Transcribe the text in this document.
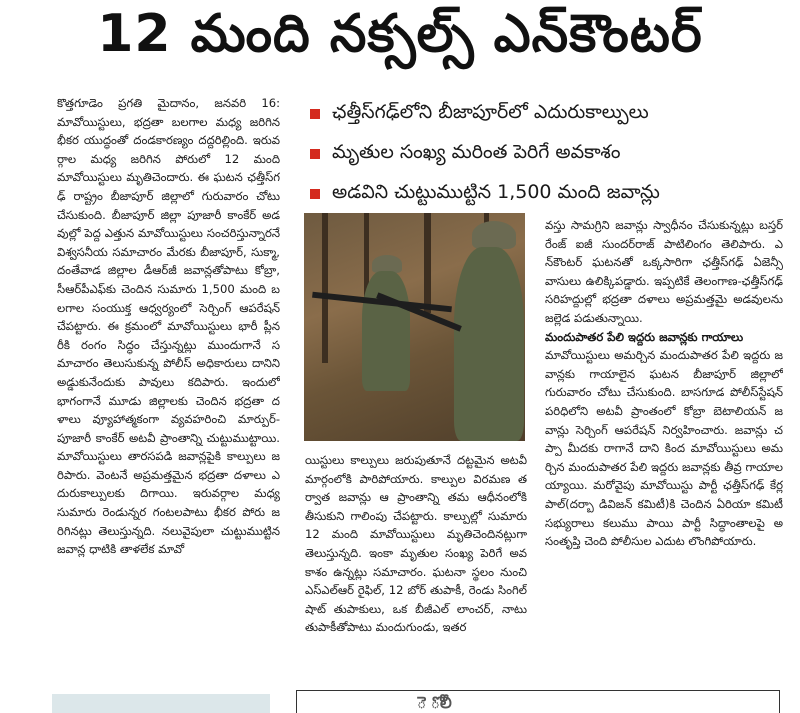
12 మంది నక్సల్స్ ఎన్‌కౌంటర్

కొత్తగూడెం ప్రగతి మైదానం, జనవరి 16: మావోయిస్టులు, భద్రతా బలగాల మధ్య జరిగిన భీకర యుద్ధంతో దండకారణ్యం దద్దరిల్లింది. ఇరువర్గాల మధ్య జరిగిన పోరులో 12 మంది మావోయిస్టులు మృతిచెందారు. ఈ ఘటన ఛత్తీస్‌గఢ్ రాష్ట్రం బీజాపూర్ జిల్లాలో గురువారం చోటు చేసుకుంది. బీజాపూర్ జిల్లా పూజారీ కాంకేర్ అడవుల్లో పెద్ద ఎత్తున మావోయిస్టులు సంచరిస్తున్నారనే విశ్వసనీయ సమాచారం మేరకు బీజాపూర్, సుక్మా, దంతేవాడ జిల్లాల డీఆర్‌జీ జవాన్లతోపాటు కోబ్రా, సీఆర్‌పీఎఫ్‌కు చెందిన సుమారు 1,500 మంది బలగాల సంయుక్త ఆధ్వర్యంలో సెర్చింగ్ ఆపరేషన్ చేపట్టారు. ఈ క్రమంలో మావోయిస్టులు భారీ ప్లీనరీకి రంగం సిద్ధం చేస్తున్నట్లు ముందుగానే సమాచారం తెలుసుకున్న పోలీస్ అధికారులు దానిని అడ్డుకునేందుకు పావులు కదిపారు. ఇందులో భాగంగానే మూడు జిల్లాలకు చెందిన భద్రతా దళాలు వ్యూహాత్మకంగా వ్యవహరించి మార్పుర్-పూజారీ కాంకేర్ అటవీ ప్రాంతాన్ని చుట్టుముట్టాయి. మావోయిస్టులు తారసపడి జవాన్లపైకి కాల్పులు జరిపారు. వెంటనే అప్రమత్తమైన భద్రతా దళాలు ఎదురుకాల్పులకు దిగాయి. ఇరువర్గాల మధ్య సుమారు రెండున్నర గంటలపాటు భీకర పోరు జరిగినట్లు తెలుస్తున్నది. నలువైపులా చుట్టుముట్టిన జవాన్ల ధాటికి తాళలేక మావో

ఛత్తీస్‌గఢ్‌లోని బీజాపూర్‌లో ఎదురుకాల్పులు
మృతుల సంఖ్య మరింత పెరిగే అవకాశం
అడవిని చుట్టుముట్టిన 1,500 మంది జవాన్లు

యిస్టులు కాల్పులు జరుపుతూనే దట్టమైన అటవీ మార్గంలోకి పారిపోయారు. కాల్పుల విరమణ తర్వాత జవాన్లు ఆ ప్రాంతాన్ని తమ ఆధీనంలోకి తీసుకుని గాలింపు చేపట్టారు. కాల్పుల్లో సుమారు 12 మంది మావోయిస్టులు మృతిచెందినట్లుగా తెలుస్తున్నది. ఇంకా మృతుల సంఖ్య పెరిగే అవకాశం ఉన్నట్లు సమాచారం. ఘటనా స్థలం నుంచి ఎస్‌ఎల్ఆర్ రైఫిల్, 12 బోర్ తుపాకీ, రెండు సింగిల్ షాట్ తుపాకులు, ఒక బీజీఎల్ లాంచర్, నాటు తుపాకీతోపాటు మందుగుండు, ఇతర

వస్తు సామగ్రిని జవాన్లు స్వాధీనం చేసుకున్నట్లు బస్తర్ రేంజ్ ఐజీ సుందర్‌రాజ్ పాటిలింగం తెలిపారు. ఎన్‌కౌంటర్ ఘటనతో ఒక్కసారిగా ఛత్తీస్‌గఢ్ ఏజెన్సీ వాసులు ఉలిక్కిపడ్డారు. ఇప్పటికే తెలంగాణ-ఛత్తీస్‌గఢ్ సరిహద్దుల్లో భద్రతా దళాలు అప్రమత్తమై అడవులను జల్లెడ పడుతున్నాయి.

మందుపాతర పేలి ఇద్దరు జవాన్లకు గాయాలు

మావోయిస్టులు అమర్చిన మందుపాతర పేలి ఇద్దరు జవాన్లకు గాయాలైన ఘటన బీజాపూర్ జిల్లాలో గురువారం చోటు చేసుకుంది. బాసగూడ పోలీస్‌స్టేషన్ పరిధిలోని అటవీ ప్రాంతంలో కోబ్రా బెటాలియన్ జవాన్లు సెర్చింగ్ ఆపరేషన్ నిర్వహించారు. జవాన్లు చప్పా మీదకు రాగానే దాని కింద మావోయిస్టులు అమర్చిన మందుపాతర పేలి ఇద్దరు జవాన్లకు తీవ్ర గాయాలయ్యాయి. మరోవైపు మావోయిస్టు పార్టీ ఛత్తీస్‌గఢ్ కేర్లపాల్(దర్బా డివిజన్ కమిటీ)కి చెందిన ఏరియా కమిటీ సభ్యురాలు కలుము పాయి పార్టీ సిద్ధాంతాలపై అసంతృప్తి చెంది పోలీసుల ఎదుట లొంగిపోయారు.

ె ోలీ
